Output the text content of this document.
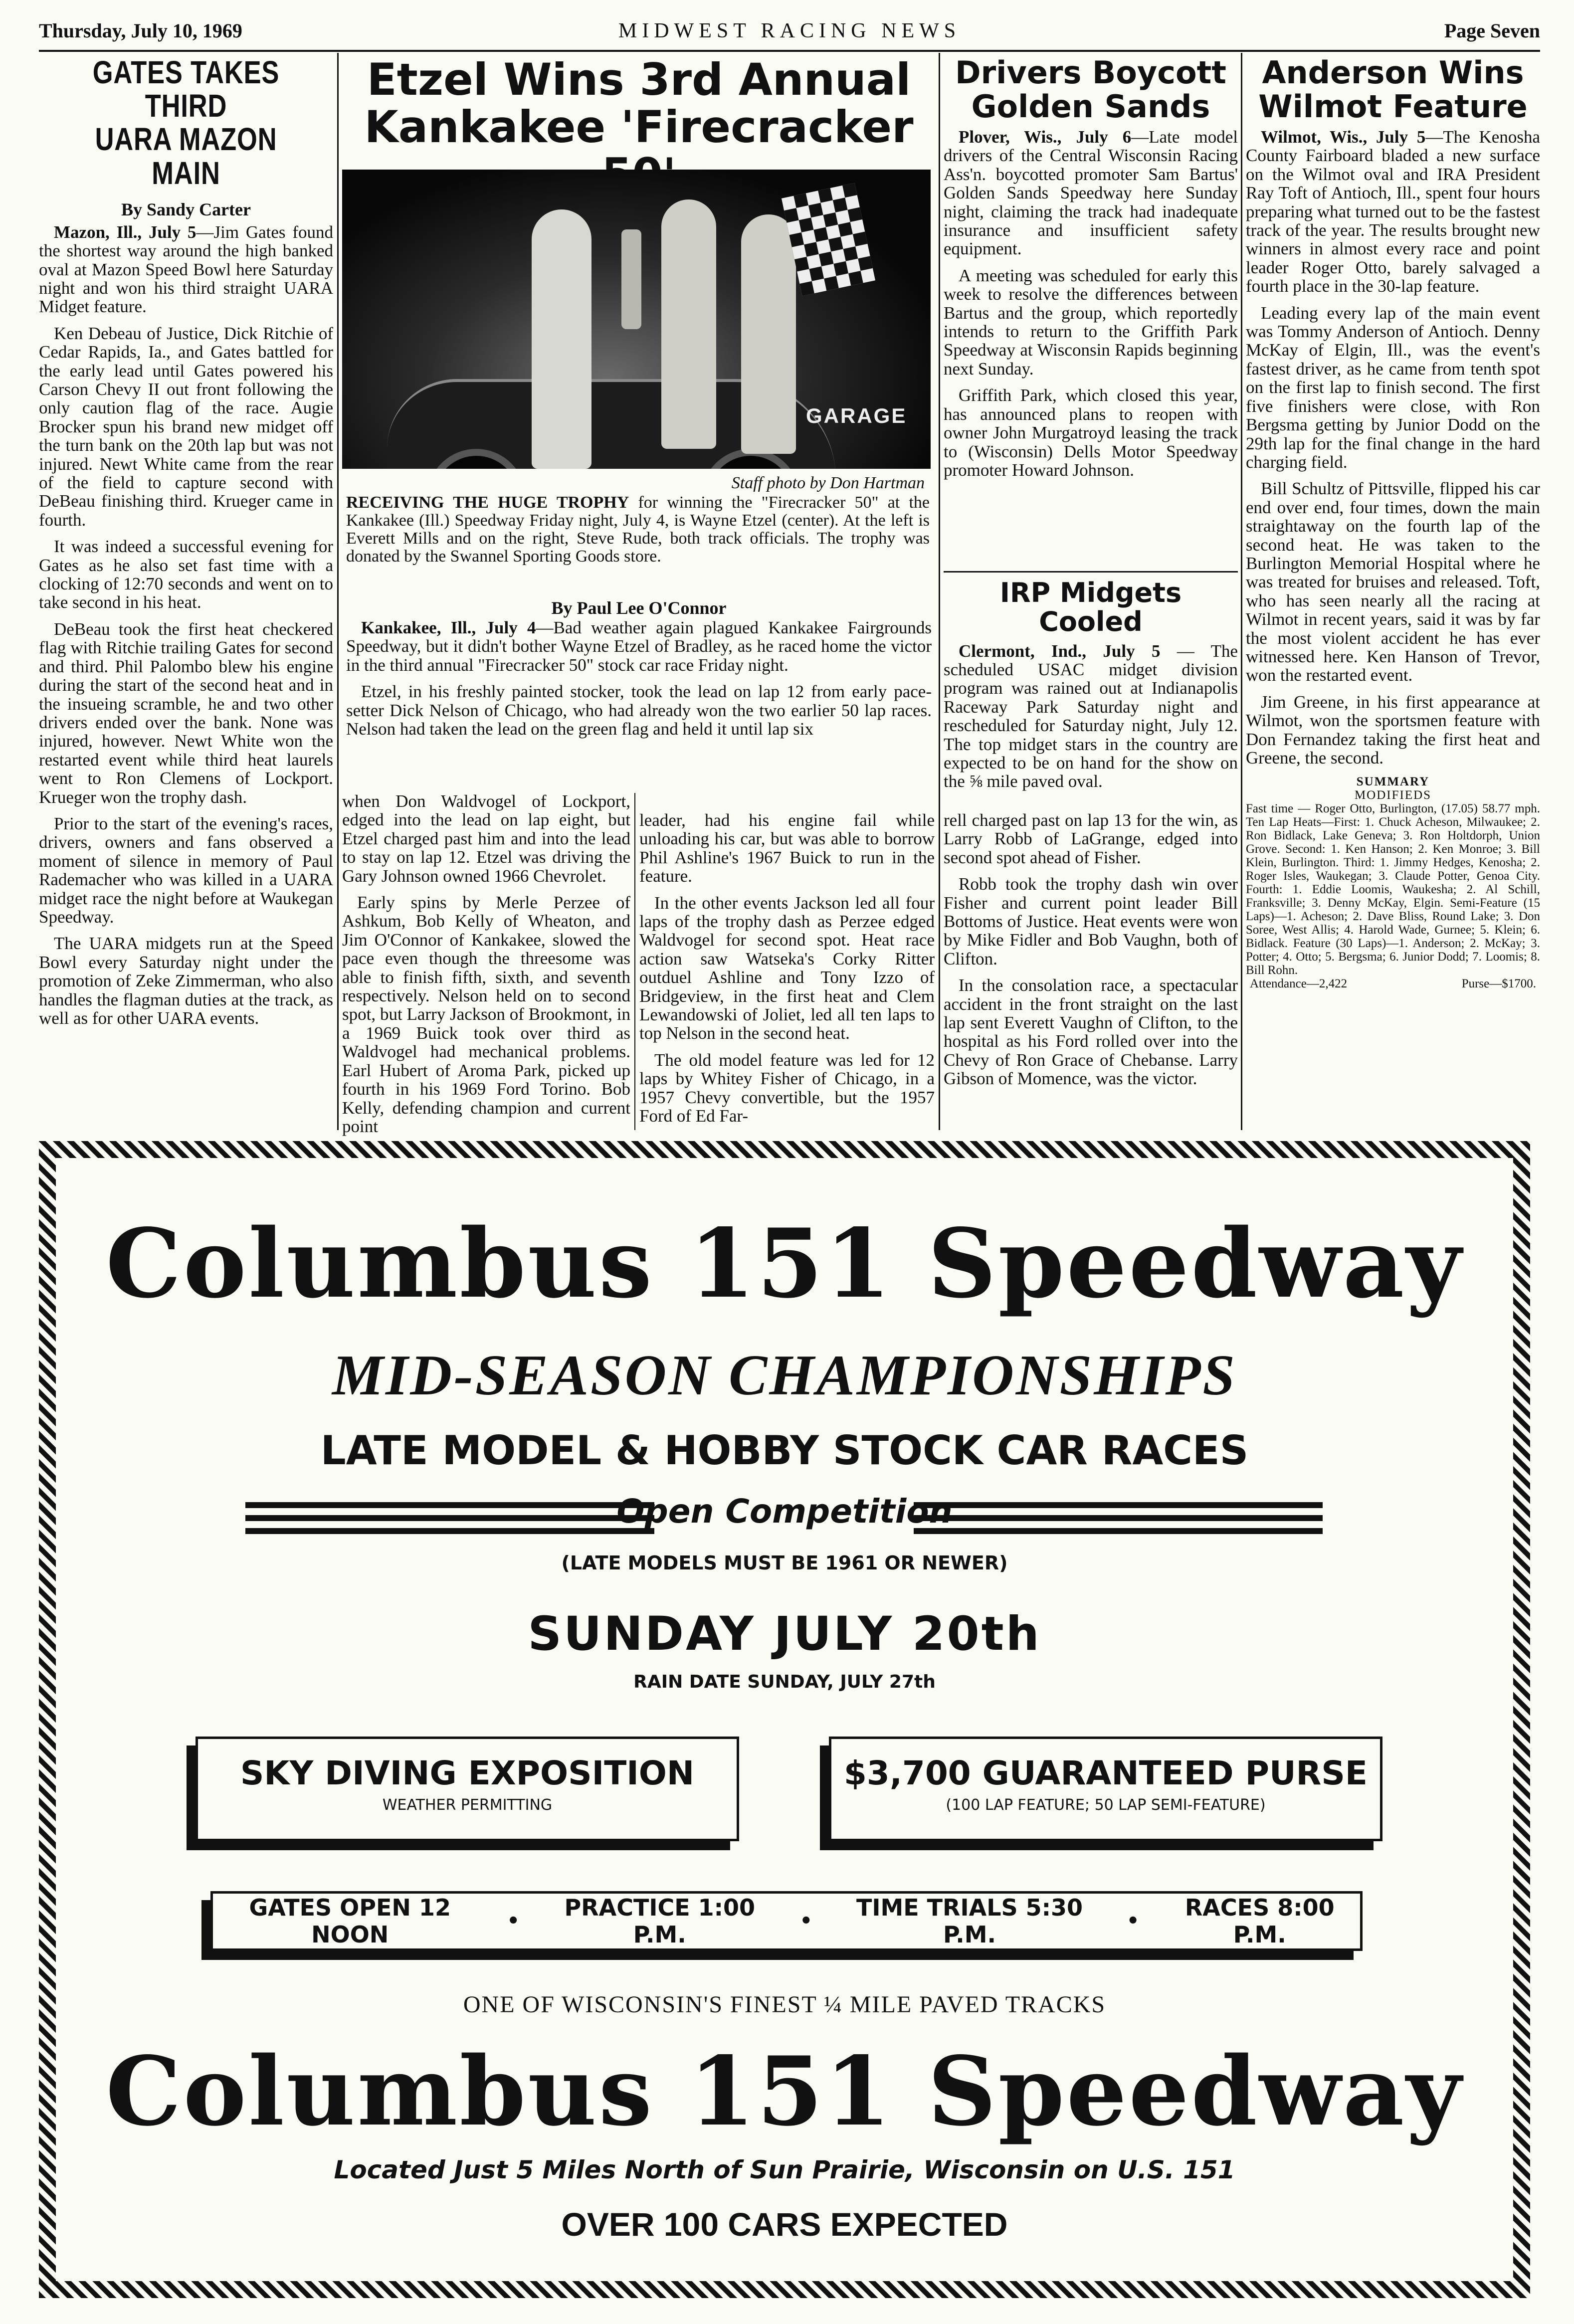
Thursday, July 10, 1969	MIDWEST RACING NEWS	Page Seven
GATES TAKES THIRD
UARA MAZON MAIN
By Sandy Carter

Mazon, Ill., July 5—Jim Gates found the shortest way around the high banked oval at Mazon Speed Bowl here Saturday night and won his third straight UARA Midget feature.

Ken Debeau of Justice, Dick Ritchie of Cedar Rapids, Ia., and Gates battled for the early lead until Gates powered his Carson Chevy II out front following the only caution flag of the race. Augie Brocker spun his brand new midget off the turn bank on the 20th lap but was not injured. Newt White came from the rear of the field to capture second with DeBeau finishing third. Krueger came in fourth.

It was indeed a successful evening for Gates as he also set fast time with a clocking of 12:70 seconds and went on to take second in his heat.

DeBeau took the first heat checkered flag with Ritchie trailing Gates for second and third. Phil Palombo blew his engine during the start of the second heat and in the insueing scramble, he and two other drivers ended over the bank. None was injured, however. Newt White won the restarted event while third heat laurels went to Ron Clemens of Lockport. Krueger won the trophy dash.

Prior to the start of the evening's races, drivers, owners and fans observed a moment of silence in memory of Paul Rademacher who was killed in a UARA midget race the night before at Waukegan Speedway.

The UARA midgets run at the Speed Bowl every Saturday night under the promotion of Zeke Zimmerman, who also handles the flagman duties at the track, as well as for other UARA events.

Etzel Wins 3rd Annual
Kankakee 'Firecracker
GARAGE
Staff photo by Don Hartman
RECEIVING THE HUGE TROPHY for winning the "Firecracker 50" at the Kankakee (Ill.) Speedway Friday night, July 4, is Wayne Etzel (center). At the left is Everett Mills and on the right, Steve Rude, both track officials. The trophy was donated by the Swannel Sporting Goods store.
By Paul Lee O'Connor

Kankakee, Ill., July 4—Bad weather again plagued Kankakee Fairgrounds Speedway, but it didn't bother Wayne Etzel of Bradley, as he raced home the victor in the third annual "Firecracker 50" stock car race Friday night.

Etzel, in his freshly painted stocker, took the lead on lap 12 from early pace-setter Dick Nelson of Chicago, who had already won the two earlier 50 lap races. Nelson had taken the lead on the green flag and held it until lap six

when Don Waldvogel of Lockport, edged into the lead on lap eight, but Etzel charged past him and into the lead to stay on lap 12. Etzel was driving the Gary Johnson owned 1966 Chevrolet.

Early spins by Merle Perzee of Ashkum, Bob Kelly of Wheaton, and Jim O'Connor of Kankakee, slowed the pace even though the threesome was able to finish fifth, sixth, and seventh respectively. Nelson held on to second spot, but Larry Jackson of Brookmont, in a 1969 Buick took over third as Waldvogel had mechanical problems. Earl Hubert of Aroma Park, picked up fourth in his 1969 Ford Torino. Bob Kelly, defending champion and current point

leader, had his engine fail while unloading his car, but was able to borrow Phil Ashline's 1967 Buick to run in the feature.

In the other events Jackson led all four laps of the trophy dash as Perzee edged Waldvogel for second spot. Heat race action saw Watseka's Corky Ritter outduel Ashline and Tony Izzo of Bridgeview, in the first heat and Clem Lewandowski of Joliet, led all ten laps to top Nelson in the second heat.

The old model feature was led for 12 laps by Whitey Fisher of Chicago, in a 1957 Chevy convertible, but the 1957 Ford of Ed Far-

Drivers Boycott
Golden Sands

Plover, Wis., July 6—Late model drivers of the Central Wisconsin Racing Ass'n. boycotted promoter Sam Bartus' Golden Sands Speedway here Sunday night, claiming the track had inadequate insurance and insufficient safety equipment.

A meeting was scheduled for early this week to resolve the differences between Bartus and the group, which reportedly intends to return to the Griffith Park Speedway at Wisconsin Rapids beginning next Sunday.

Griffith Park, which closed this year, has announced plans to reopen with owner John Murgatroyd leasing the track to (Wisconsin) Dells Motor Speedway promoter Howard Johnson.

IRP Midgets Cooled

Clermont, Ind., July 5 — The scheduled USAC midget division program was rained out at Indianapolis Raceway Park Saturday night and rescheduled for Saturday night, July 12. The top midget stars in the country are expected to be on hand for the show on the ⅝ mile paved oval.

rell charged past on lap 13 for the win, as Larry Robb of LaGrange, edged into second spot ahead of Fisher.

Robb took the trophy dash win over Fisher and current point leader Bill Bottoms of Justice. Heat events were won by Mike Fidler and Bob Vaughn, both of Clifton.

In the consolation race, a spectacular accident in the front straight on the last lap sent Everett Vaughn of Clifton, to the hospital as his Ford rolled over into the Chevy of Ron Grace of Chebanse. Larry Gibson of Momence, was the victor.

Anderson Wins
Wilmot Feature

Wilmot, Wis., July 5—The Kenosha County Fairboard bladed a new surface on the Wilmot oval and IRA President Ray Toft of Antioch, Ill., spent four hours preparing what turned out to be the fastest track of the year. The results brought new winners in almost every race and point leader Roger Otto, barely salvaged a fourth place in the 30-lap feature.

Leading every lap of the main event was Tommy Anderson of Antioch. Denny McKay of Elgin, Ill., was the event's fastest driver, as he came from tenth spot on the first lap to finish second. The first five finishers were close, with Ron Bergsma getting by Junior Dodd on the 29th lap for the final change in the hard charging field.

Bill Schultz of Pittsville, flipped his car end over end, four times, down the main straightaway on the fourth lap of the second heat. He was taken to the Burlington Memorial Hospital where he was treated for bruises and released. Toft, who has seen nearly all the racing at Wilmot in recent years, said it was by far the most violent accident he has ever witnessed here. Ken Hanson of Trevor, won the restarted event.

Jim Greene, in his first appearance at Wilmot, won the sportsmen feature with Don Fernandez taking the first heat and Greene, the second.

SUMMARY
MODIFIEDS
Fast time — Roger Otto, Burlington, (17.05) 58.77 mph. Ten Lap Heats—First: 1. Chuck Acheson, Milwaukee; 2. Ron Bidlack, Lake Geneva; 3. Ron Holtdorph, Union Grove. Second: 1. Ken Hanson; 2. Ken Monroe; 3. Bill Klein, Burlington. Third: 1. Jimmy Hedges, Kenosha; 2. Roger Isles, Waukegan; 3. Claude Potter, Genoa City. Fourth: 1. Eddie Loomis, Waukesha; 2. Al Schill, Franksville; 3. Denny McKay, Elgin. Semi-Feature (15 Laps)—1. Acheson; 2. Dave Bliss, Round Lake; 3. Don Soree, West Allis; 4. Harold Wade, Gurnee; 5. Klein; 6. Bidlack. Feature (30 Laps)—1. Anderson; 2. McKay; 3. Potter; 4. Otto; 5. Bergsma; 6. Junior Dodd; 7. Loomis; 8. Bill Rohn.
Attendance—2,422	Purse—$1700.
Columbus 151 Speedway
MID-SEASON CHAMPIONSHIPS
LATE MODEL & HOBBY STOCK CAR RACES
Open Competition
(LATE MODELS MUST BE 1961 OR NEWER)
SUNDAY JULY 20th
RAIN DATE SUNDAY, JULY 27th
SKY DIVING EXPOSITION
WEATHER PERMITTING
$3,700 GUARANTEED PURSE
(100 LAP FEATURE; 50 LAP SEMI-FEATURE)
GATES OPEN 12 NOON	•	PRACTICE 1:00 P.M.	•	TIME TRIALS 5:30 P.M.	•	RACES 8:00 P.M.
ONE OF WISCONSIN'S FINEST ¼ MILE PAVED TRACKS
Columbus 151 Speedway
Located Just 5 Miles North of Sun Prairie, Wisconsin on U.S. 151
OVER 100 CARS EXPECTED
